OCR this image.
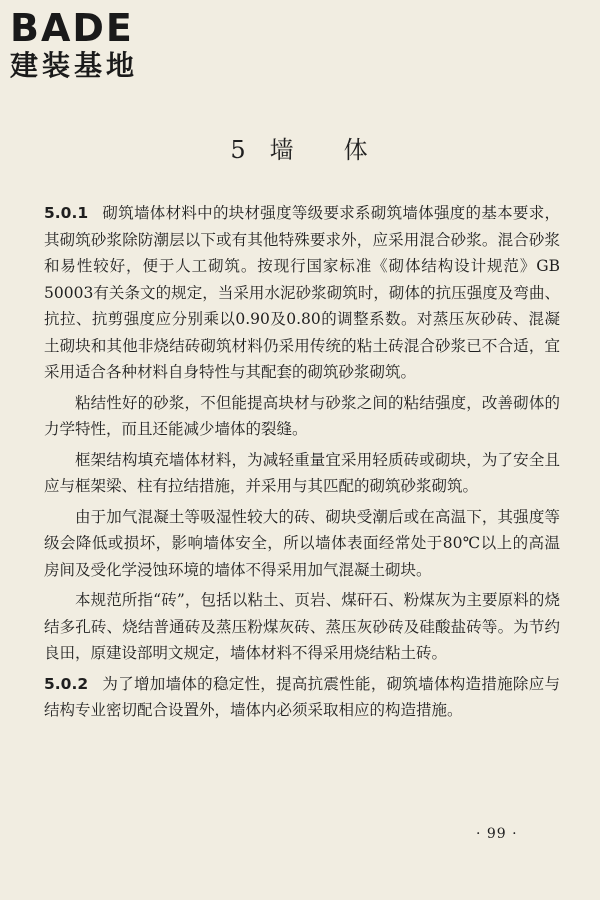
BADE
建装基地
5 墙 体

5.0.1 砌筑墙体材料中的块材强度等级要求系砌筑墙体强度的基本要求，其砌筑砂浆除防潮层以下或有其他特殊要求外，应采用混合砂浆。混合砂浆和易性较好，便于人工砌筑。按现行国家标准《砌体结构设计规范》GB 50003有关条文的规定，当采用水泥砂浆砌筑时，砌体的抗压强度及弯曲、抗拉、抗剪强度应分别乘以0.90及0.80的调整系数。对蒸压灰砂砖、混凝土砌块和其他非烧结砖砌筑材料仍采用传统的粘土砖混合砂浆已不合适，宜采用适合各种材料自身特性与其配套的砌筑砂浆砌筑。

粘结性好的砂浆，不但能提高块材与砂浆之间的粘结强度，改善砌体的力学特性，而且还能减少墙体的裂缝。

框架结构填充墙体材料，为减轻重量宜采用轻质砖或砌块，为了安全且应与框架梁、柱有拉结措施，并采用与其匹配的砌筑砂浆砌筑。

由于加气混凝土等吸湿性较大的砖、砌块受潮后或在高温下，其强度等级会降低或损坏，影响墙体安全，所以墙体表面经常处于80℃以上的高温房间及受化学浸蚀环境的墙体不得采用加气混凝土砌块。

本规范所指“砖”，包括以粘土、页岩、煤矸石、粉煤灰为主要原料的烧结多孔砖、烧结普通砖及蒸压粉煤灰砖、蒸压灰砂砖及硅酸盐砖等。为节约良田，原建设部明文规定，墙体材料不得采用烧结粘土砖。

5.0.2 为了增加墙体的稳定性，提高抗震性能，砌筑墙体构造措施除应与结构专业密切配合设置外，墙体内必须采取相应的构造措施。

· 99 ·
